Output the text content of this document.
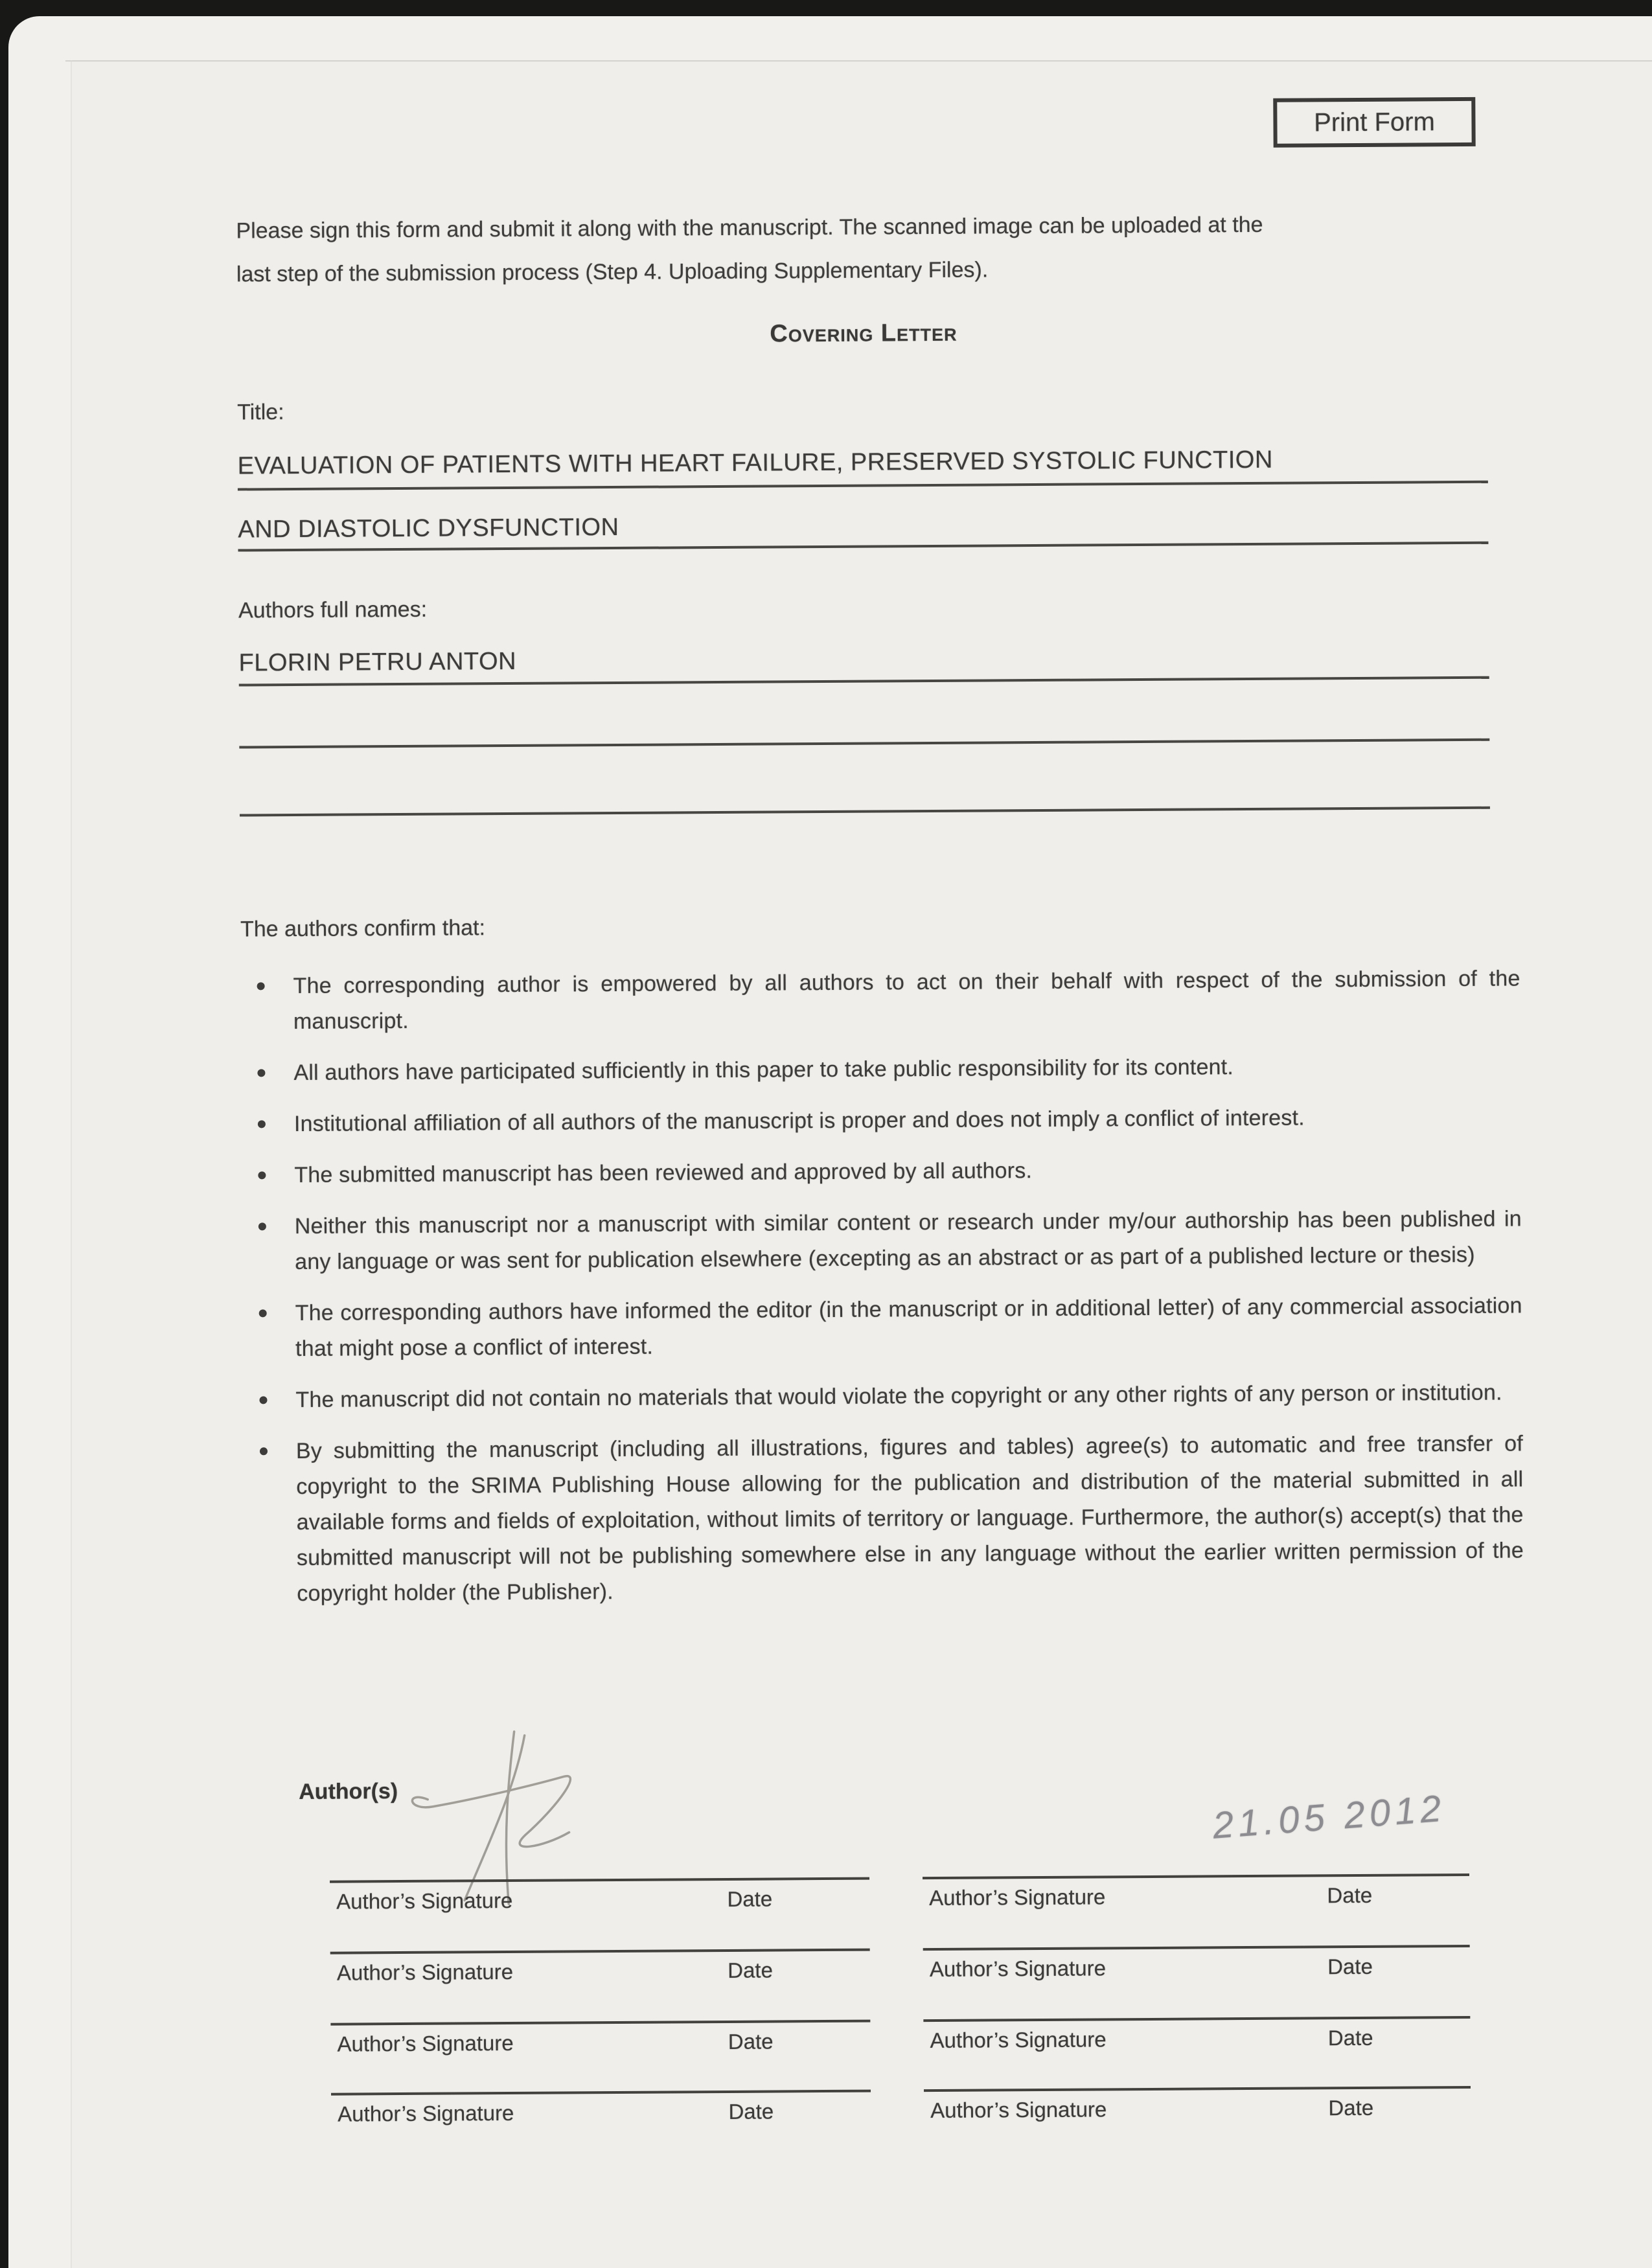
Print Form
Please sign this form and submit it along with the manuscript. The scanned image can be uploaded at the
last step of the submission process (Step 4. Uploading Supplementary Files).
Covering Letter
Title:
EVALUATION OF PATIENTS WITH HEART FAILURE, PRESERVED SYSTOLIC FUNCTION
AND DIASTOLIC DYSFUNCTION
Authors full names:
FLORIN PETRU ANTON
The authors confirm that:
The corresponding author is empowered by all authors to act on their behalf with respect of the submission of the manuscript.
All authors have participated sufficiently in this paper to take public responsibility for its content.
Institutional affiliation of all authors of the manuscript is proper and does not imply a conflict of interest.
The submitted manuscript has been reviewed and approved by all authors.
Neither this manuscript nor a manuscript with similar content or research under my/our authorship has been published in any language or was sent for publication elsewhere (excepting as an abstract or as part of a published lecture or thesis)
The corresponding authors have informed the editor (in the manuscript or in additional letter) of any commercial association that might pose a conflict of interest.
The manuscript did not contain no materials that would violate the copyright or any other rights of any person or institution.
By submitting the manuscript (including all illustrations, figures and tables) agree(s) to automatic and free transfer of copyright to the SRIMA Publishing House allowing for the publication and distribution of the material submitted in all available forms and fields of exploitation, without limits of territory or language. Furthermore, the author(s) accept(s) that the submitted manuscript will not be publishing somewhere else in any language without the earlier written permission of the copyright holder (the Publisher).
Author(s)	21.05 2012
Author’s Signature	Date	Author’s Signature	Date
Author’s Signature	Date	Author’s Signature	Date
Author’s Signature	Date	Author’s Signature	Date
Author’s Signature	Date	Author’s Signature	Date
